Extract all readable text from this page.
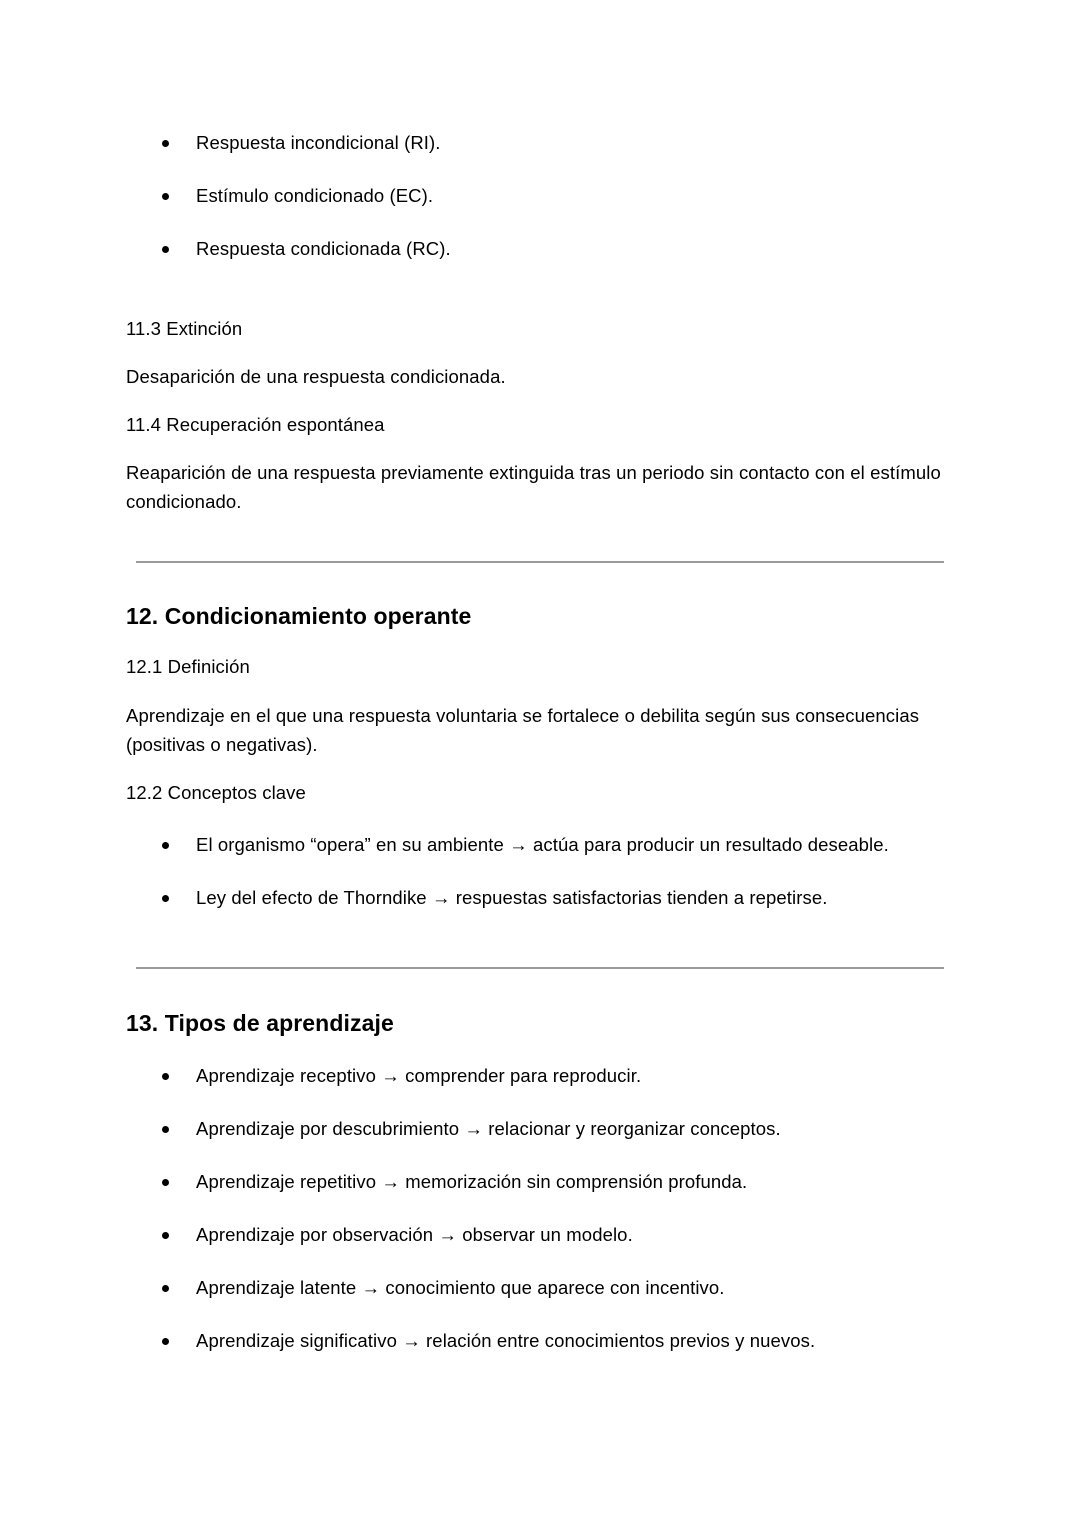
Respuesta incondicional (RI).
Estímulo condicionado (EC).
Respuesta condicionada (RC).

11.3 Extinción

Desaparición de una respuesta condicionada.

11.4 Recuperación espontánea

Reaparición de una respuesta previamente extinguida tras un periodo sin contacto con el estímulo condicionado.

12. Condicionamiento operante

12.1 Definición

Aprendizaje en el que una respuesta voluntaria se fortalece o debilita según sus consecuencias (positivas o negativas).

12.2 Conceptos clave

El organismo “opera” en su ambiente → actúa para producir un resultado deseable.
Ley del efecto de Thorndike → respuestas satisfactorias tienden a repetirse.
13. Tipos de aprendizaje
Aprendizaje receptivo → comprender para reproducir.
Aprendizaje por descubrimiento → relacionar y reorganizar conceptos.
Aprendizaje repetitivo → memorización sin comprensión profunda.
Aprendizaje por observación → observar un modelo.
Aprendizaje latente → conocimiento que aparece con incentivo.
Aprendizaje significativo → relación entre conocimientos previos y nuevos.
